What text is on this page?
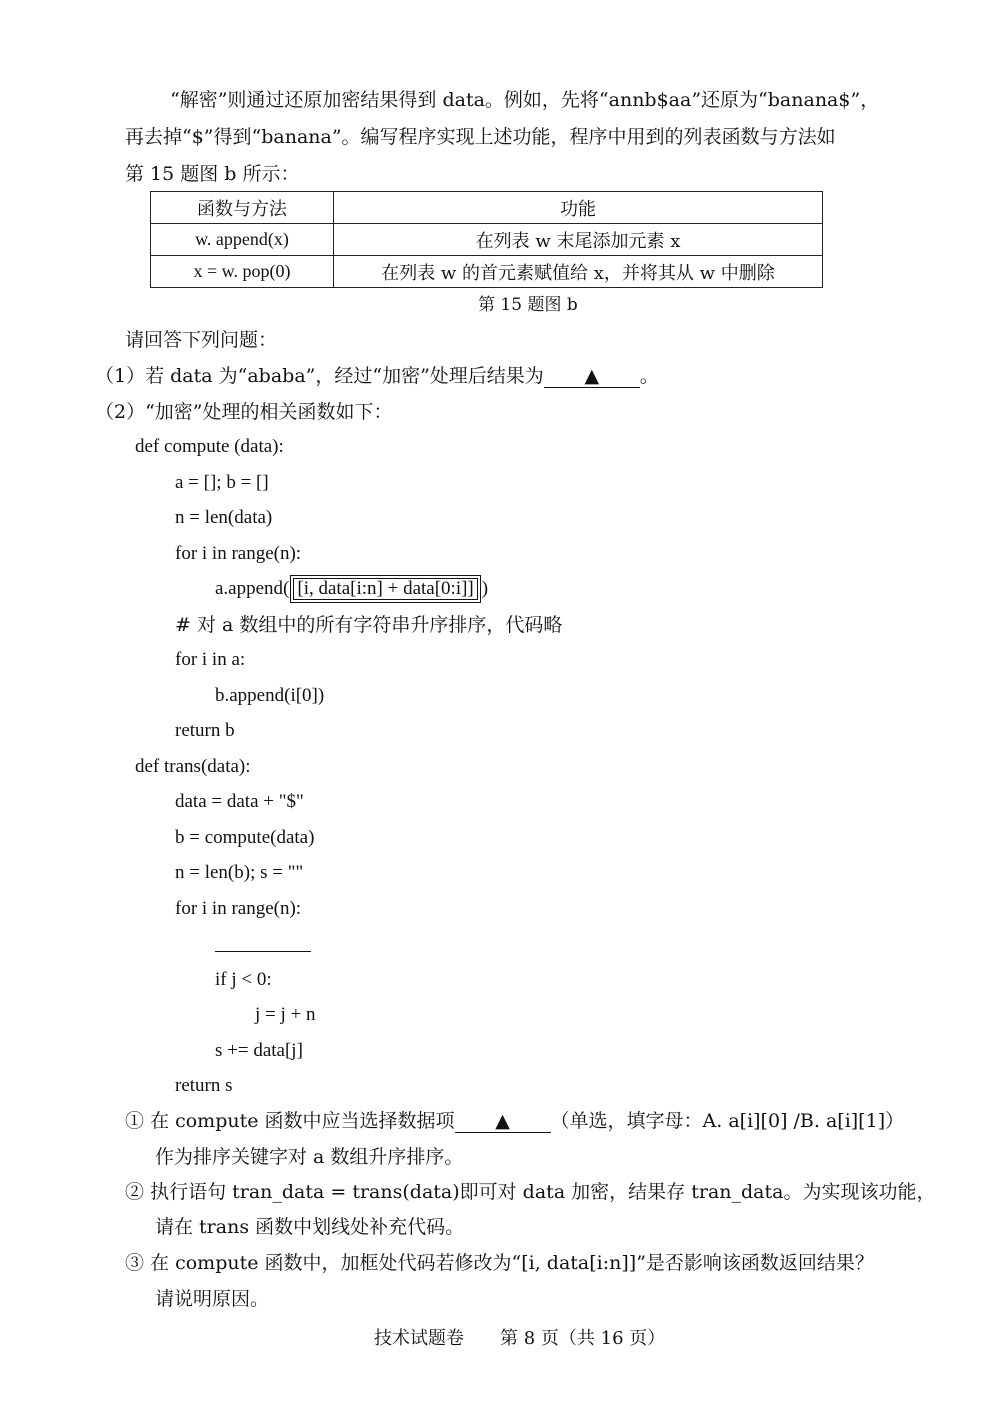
“解密”则通过还原加密结果得到 data。例如，先将“annb$aa”还原为“banana$”，
再去掉“$”得到“banana”。编写程序实现上述功能，程序中用到的列表函数与方法如
第 15 题图 b 所示：
函数与方法	功能
w. append(x)	在列表 w 末尾添加元素 x
x = w. pop(0)	在列表 w 的首元素赋值给 x，并将其从 w 中删除
第 15 题图 b
请回答下列问题：
（1）若 data 为“ababa”，经过“加密”处理后结果为 ▲ 。
（2）“加密”处理的相关函数如下：
def compute (data):
a = []; b = []
n = len(data)
for i in range(n):
a.append( [i, data[i:n] + data[0:i]] )
# 对 a 数组中的所有字符串升序排序，代码略
for i in a:
b.append(i[0])
return b
def trans(data):
data = data + "$"
b = compute(data)
n = len(b); s = ""
for i in range(n):
if j < 0:
j = j + n
s += data[j]
return s
① 在 compute 函数中应当选择数据项 ▲ （单选，填字母：A. a[i][0] /B. a[i][1]）
作为排序关键字对 a 数组升序排序。
② 执行语句 tran_data = trans(data)即可对 data 加密，结果存 tran_data。为实现该功能，
请在 trans 函数中划线处补充代码。
③ 在 compute 函数中，加框处代码若修改为“[i, data[i:n]]”是否影响该函数返回结果？
请说明原因。
技术试题卷 第 8 页（共 16 页）
